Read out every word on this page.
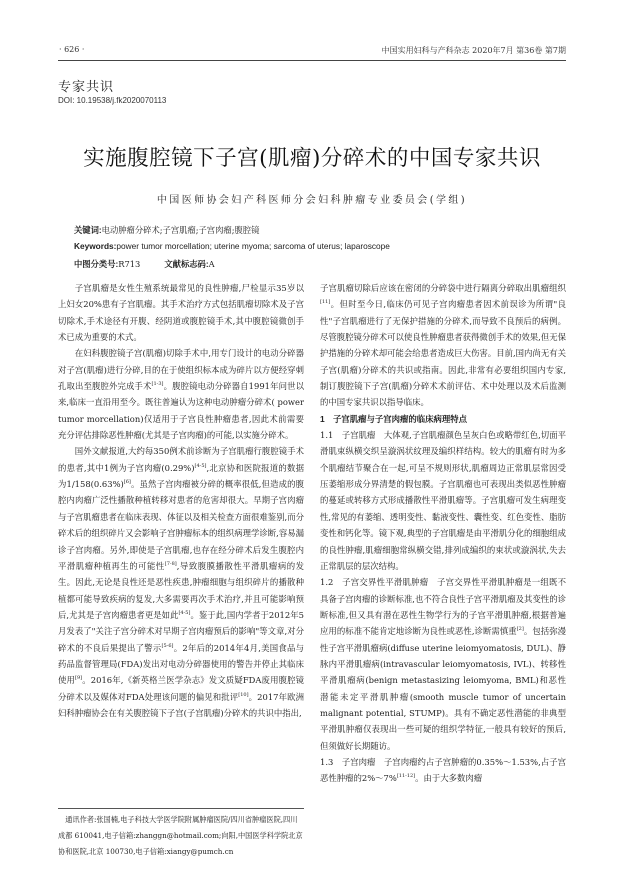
· 626 ·	中国实用妇科与产科杂志 2020年7月 第36卷 第7期
专家共识
DOI: 10.19538/j.fk2020070113
实施腹腔镜下子宫(肌瘤)分碎术的中国专家共识
中国医师协会妇产科医师分会妇科肿瘤专业委员会(学组)
关键词:电动肿瘤分碎术;子宫肌瘤;子宫肉瘤;腹腔镜
Keywords:power tumor morcellation; uterine myoma; sarcoma of uterus; laparoscope
中图分类号:R713	文献标志码:A

子宫肌瘤是女性生殖系统最常见的良性肿瘤,尸检显示35岁以上妇女20%患有子宫肌瘤。其手术治疗方式包括肌瘤切除术及子宫切除术,手术途径有开腹、经阴道或腹腔镜手术,其中腹腔镜微创手术已成为重要的术式。

在妇科腹腔镜子宫(肌瘤)切除手术中,用专门设计的电动分碎器对子宫(肌瘤)进行分碎,目的在于使组织标本成为碎片以方便经穿刺孔取出至腹腔外完成手术[1-3]。腹腔镜电动分碎器自1991年问世以来,临床一直沿用至今。既往普遍认为这种电动肿瘤分碎术( power tumor morcellation)仅适用于子宫良性肿瘤患者,因此术前需要充分评估排除恶性肿瘤(尤其是子宫肉瘤)的可能,以实施分碎术。

国外文献报道,大约每350例术前诊断为子宫肌瘤行腹腔镜手术的患者,其中1例为子宫肉瘤(0.29%)[4-5],北京协和医院报道的数据为1/158(0.63%)[6]。虽然子宫肉瘤被分碎的概率很低,但造成的腹腔内肉瘤广泛性播散种植转移对患者的危害却很大。早期子宫肉瘤与子宫肌瘤患者在临床表现、体征以及相关检查方面很难鉴别,而分碎术后的组织碎片又会影响子宫肿瘤标本的组织病理学诊断,容易漏诊子宫肉瘤。另外,即使是子宫肌瘤,也存在经分碎术后发生腹腔内平滑肌瘤种植再生的可能性[7-8],导致腹膜播散性平滑肌瘤病的发生。因此,无论是良性还是恶性疾患,肿瘤细胞与组织碎片的播散种植都可能导致疾病的复发,大多需要再次手术治疗,并且可能影响预后,尤其是子宫肉瘤患者更是如此[4-5]。鉴于此,国内学者于2012年5月发表了"关注子宫分碎术对早期子宫肉瘤预后的影响"等文章,对分碎术的不良后果提出了警示[5-6]。2年后的2014年4月,美国食品与药品监督管理局(FDA)发出对电动分碎器使用的警告并停止其临床使用[9]。2016年,《新英格兰医学杂志》发文质疑FDA废用腹腔镜分碎术以及媒体对FDA处理该问题的偏见和批评[10]。2017年欧洲妇科肿瘤协会在有关腹腔镜下子宫(子宫肌瘤)分碎术的共识中指出,

通讯作者:张国楠,电子科技大学医学院附属肿瘤医院/四川省肿瘤医院,四川 成都 610041,电子信箱:zhanggn@hotmail.com;向阳,中国医学科学院北京协和医院,北京 100730,电子信箱:xiangy@pumch.cn

子宫肌瘤切除后应该在密闭的分碎袋中进行隔离分碎取出肌瘤组织[11]。但时至今日,临床仍可见子宫肉瘤患者因术前误诊为所谓"良性"子宫肌瘤进行了无保护措施的分碎术,而导致不良预后的病例。尽管腹腔镜分碎术可以使良性肿瘤患者获得微创手术的效果,但无保护措施的分碎术却可能会给患者造成巨大伤害。目前,国内尚无有关子宫(肌瘤)分碎术的共识或指南。因此,非常有必要组织国内专家,制订腹腔镜下子宫(肌瘤)分碎术术前评估、术中处理以及术后监测的中国专家共识以指导临床。

1　子宫肌瘤与子宫肉瘤的临床病理特点

1.1　子宫肌瘤　 大体观,子宫肌瘤颜色呈灰白色或略带红色,切面平滑肌束纵横交织呈漩涡状纹理及编织样结构。较大的肌瘤有时为多个肌瘤结节聚合在一起,可呈不规则形状,肌瘤周边正常肌层常因受压萎缩形成分界清楚的假包膜。子宫肌瘤也可表现出类似恶性肿瘤的蔓延或转移方式形成播散性平滑肌瘤等。子宫肌瘤可发生病理变性,常见的有萎缩、透明变性、黏液变性、囊性变、红色变性、脂肪变性和钙化等。镜下观,典型的子宫肌瘤是由平滑肌分化的细胞组成的良性肿瘤,肌瘤细胞常纵横交错,排列成编织的束状或漩涡状,失去正常肌层的层次结构。

1.2　子宫交界性平滑肌肿瘤　 子宫交界性平滑肌肿瘤是一组既不具备子宫肉瘤的诊断标准,也不符合良性子宫平滑肌瘤及其变性的诊断标准,但又具有潜在恶性生物学行为的子宫平滑肌肿瘤,根据普遍应用的标准不能肯定地诊断为良性或恶性,诊断需慎重[2]。包括弥漫性子宫平滑肌瘤病(diffuse uterine leiomyomatosis, DUL)、静脉内平滑肌瘤病(intravascular leiomyomatosis, IVL)、转移性平滑肌瘤病(benign metastasizing leiomyoma, BML)和恶性潜能未定平滑肌肿瘤(smooth muscle tumor of uncertain malignant potential, STUMP)。具有不确定恶性潜能的非典型平滑肌肿瘤仅表现出一些可疑的组织学特征,一般具有较好的预后,但须做好长期随访。

1.3　子宫肉瘤　 子宫肉瘤约占子宫肿瘤的0.35%～1.53%,占子宫恶性肿瘤的2%～7%[11-12]。由于大多数肉瘤
